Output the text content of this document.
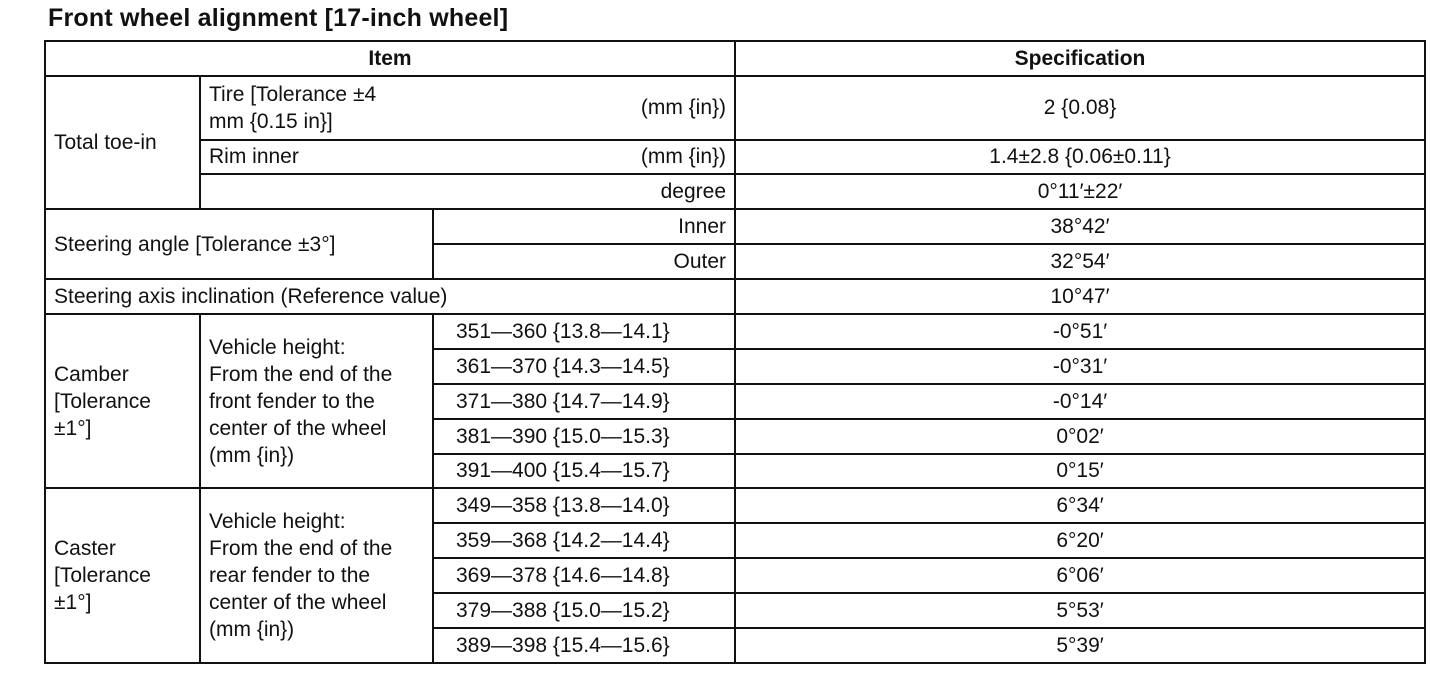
Front wheel alignment [17-inch wheel]
Item			Specification
Total toe-in	Tire [Tolerance ±4
mm {0.15 in}]
(mm {in})		2 {0.08}

	Rim inner (mm {in})		1.4±2.8 {0.06±0.11}
	degree		0°11′±22′
Steering angle [Tolerance ±3°]		Inner	38°42′
		Outer	32°54′
Steering axis inclination (Reference value)			10°47′
Camber
[Tolerance
±1°]	Vehicle height:
From the end of the
front fender to the
center of the wheel
(mm {in})	351—360 {13.8—14.1}	-0°51′
		361—370 {14.3—14.5}	-0°31′
		371—380 {14.7—14.9}	-0°14′
		381—390 {15.0—15.3}	0°02′
		391—400 {15.4—15.7}	0°15′
Caster
[Tolerance
±1°]	Vehicle height:
From the end of the
rear fender to the
center of the wheel
(mm {in})	349—358 {13.8—14.0}	6°34′
		359—368 {14.2—14.4}	6°20′
		369—378 {14.6—14.8}	6°06′
		379—388 {15.0—15.2}	5°53′
		389—398 {15.4—15.6}	5°39′
